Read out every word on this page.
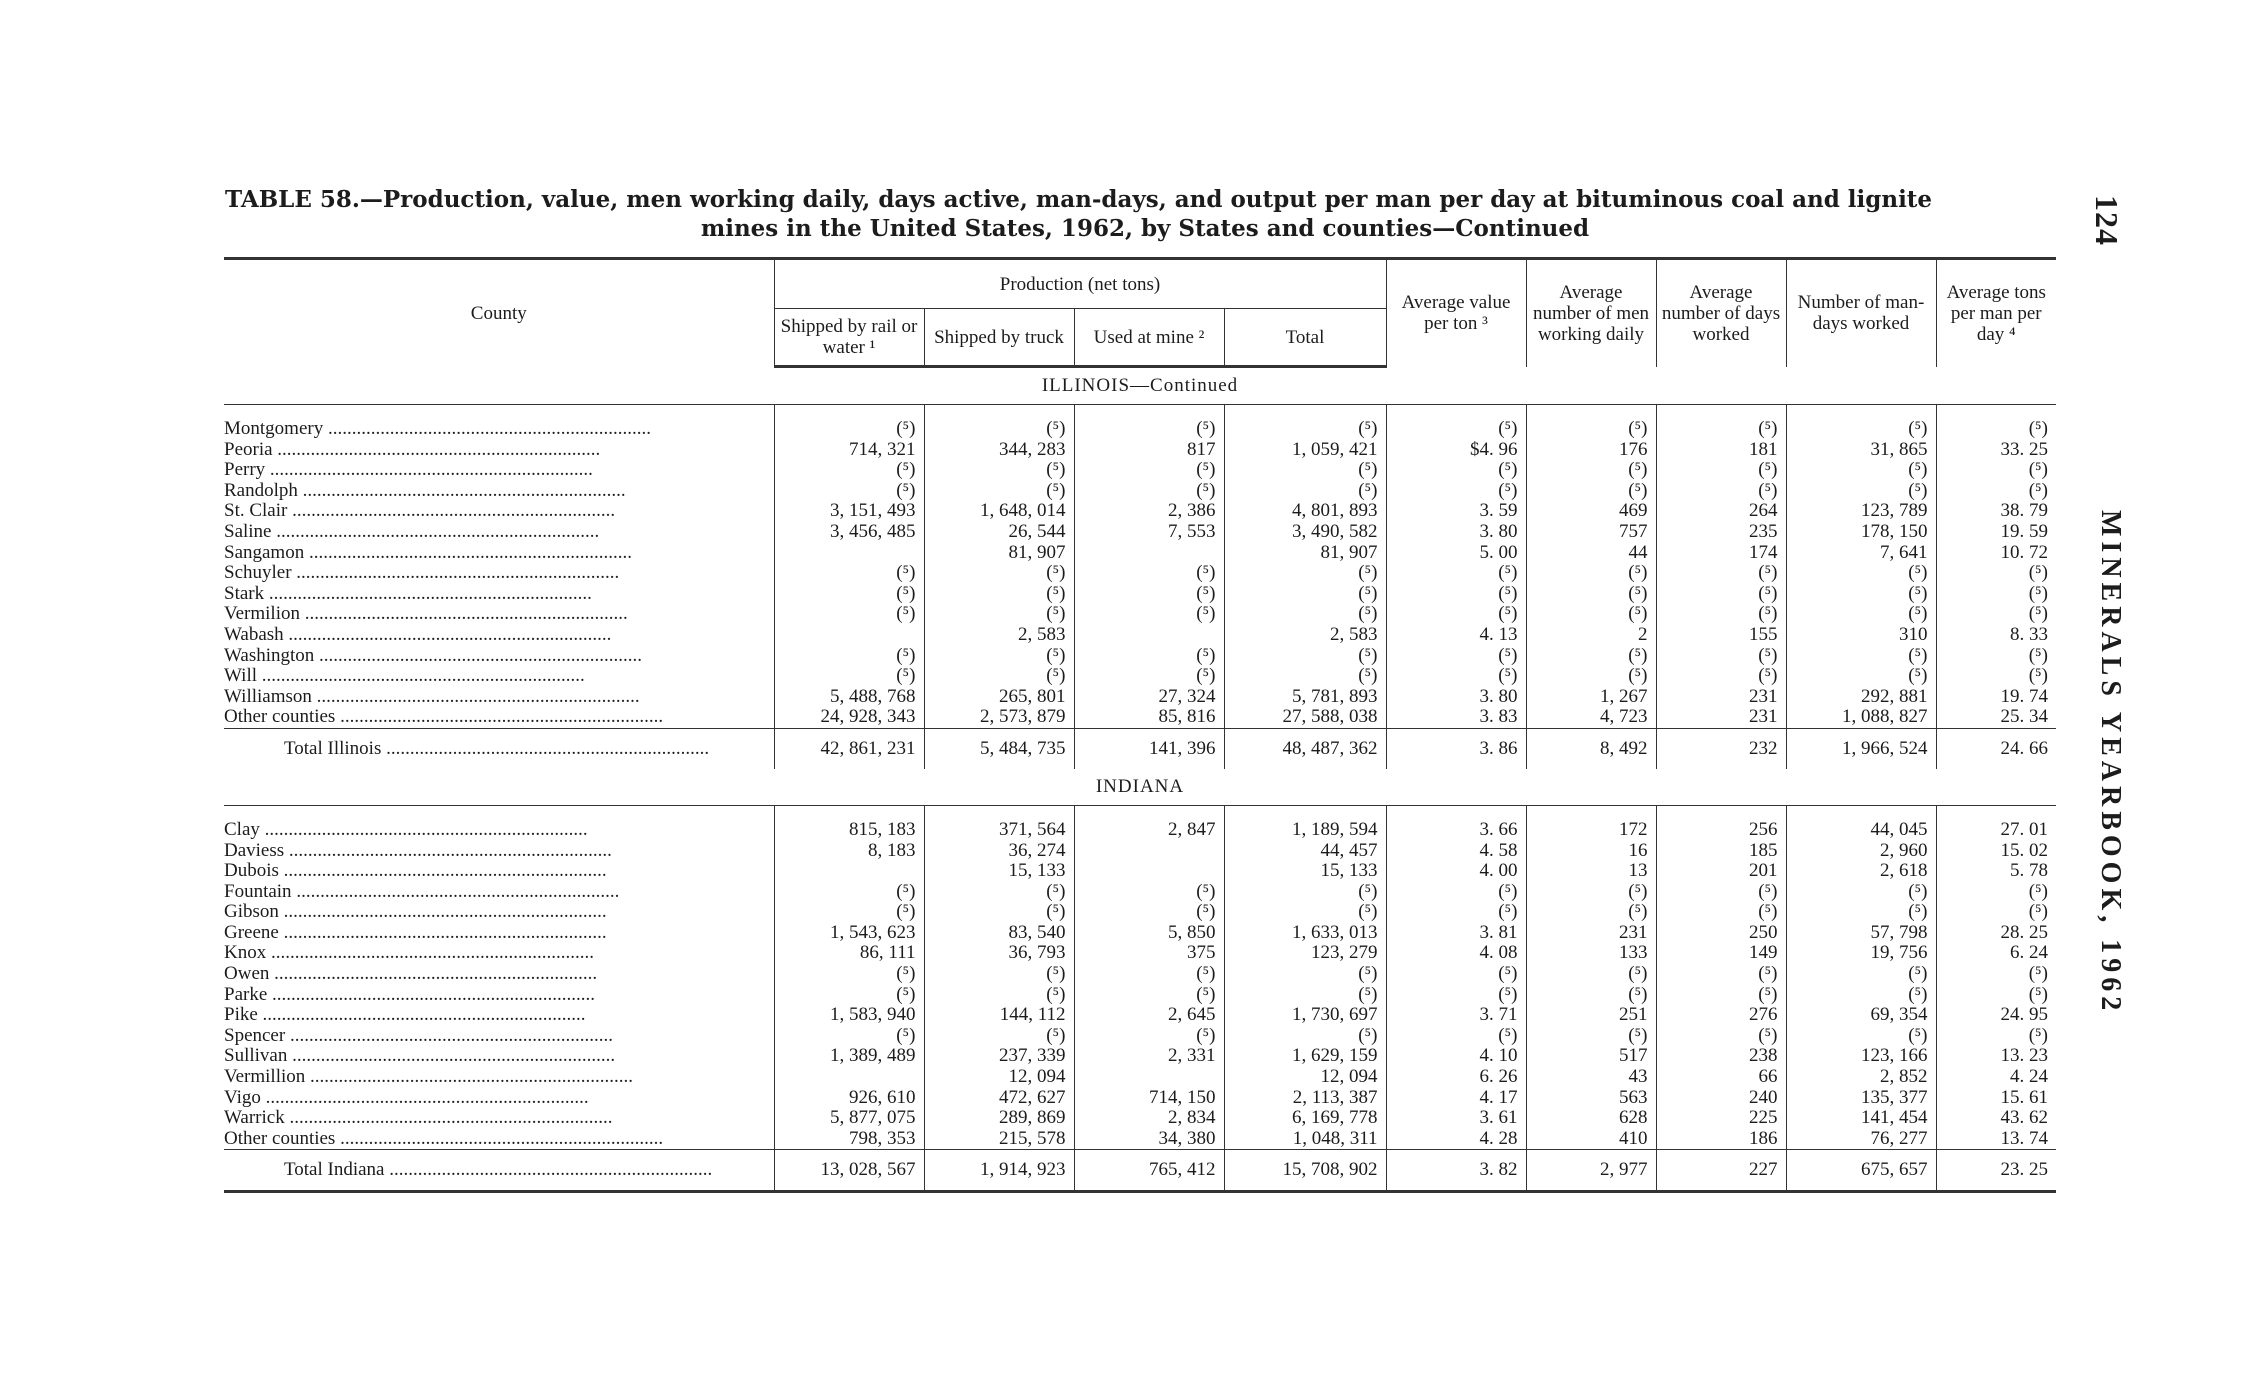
TABLE 58.—Production, value, men working daily, days active, man-days, and output per man per day at bituminous coal and lignite
mines in the United States, 1962, by States and counties—Continued	124
MINERALS YEARBOOK, 1962
County	Production (net tons)				Average value per ton ³	Average number of men working daily	Average number of days worked	Number of man-days worked	Average tons per man per day ⁴
	Shipped by rail or water ¹	Shipped by truck	Used at mine ²	Total					
ILLINOIS—Continued									

Montgomery .....	(⁵)	(⁵)	(⁵)	(⁵)	(⁵)	(⁵)	(⁵)	(⁵)	(⁵)

Peoria .....	714, 321	344, 283	817	1, 059, 421	$4. 96	176	181	31, 865	33. 25

Perry .....	(⁵)	(⁵)	(⁵)	(⁵)	(⁵)	(⁵)	(⁵)	(⁵)	(⁵)

Randolph .....	(⁵)	(⁵)	(⁵)	(⁵)	(⁵)	(⁵)	(⁵)	(⁵)	(⁵)

St. Clair .....	3, 151, 493	1, 648, 014	2, 386	4, 801, 893	3. 59	469	264	123, 789	38. 79

Saline .....	3, 456, 485	26, 544	7, 553	3, 490, 582	3. 80	757	235	178, 150	19. 59

Sangamon .....		81, 907		81, 907	5. 00	44	174	7, 641	10. 72

Schuyler .....	(⁵)	(⁵)	(⁵)	(⁵)	(⁵)	(⁵)	(⁵)	(⁵)	(⁵)

Stark .....	(⁵)	(⁵)	(⁵)	(⁵)	(⁵)	(⁵)	(⁵)	(⁵)	(⁵)

Vermilion .....	(⁵)	(⁵)	(⁵)	(⁵)	(⁵)	(⁵)	(⁵)	(⁵)	(⁵)

Wabash .....		2, 583		2, 583	4. 13	2	155	310	8. 33

Washington .....	(⁵)	(⁵)	(⁵)	(⁵)	(⁵)	(⁵)	(⁵)	(⁵)	(⁵)

Will .....	(⁵)	(⁵)	(⁵)	(⁵)	(⁵)	(⁵)	(⁵)	(⁵)	(⁵)

Williamson .....	5, 488, 768	265, 801	27, 324	5, 781, 893	3. 80	1, 267	231	292, 881	19. 74

Other counties .....	24, 928, 343	2, 573, 879	85, 816	27, 588, 038	3. 83	4, 723	231	1, 088, 827	25. 34

Total Illinois .....	42, 861, 231	5, 484, 735	141, 396	48, 487, 362	3. 86	8, 492	232	1, 966, 524	24. 66
INDIANA									

Clay .....	815, 183	371, 564	2, 847	1, 189, 594	3. 66	172	256	44, 045	27. 01

Daviess .....	8, 183	36, 274		44, 457	4. 58	16	185	2, 960	15. 02

Dubois .....		15, 133		15, 133	4. 00	13	201	2, 618	5. 78

Fountain .....	(⁵)	(⁵)	(⁵)	(⁵)	(⁵)	(⁵)	(⁵)	(⁵)	(⁵)

Gibson .....	(⁵)	(⁵)	(⁵)	(⁵)	(⁵)	(⁵)	(⁵)	(⁵)	(⁵)

Greene .....	1, 543, 623	83, 540	5, 850	1, 633, 013	3. 81	231	250	57, 798	28. 25

Knox .....	86, 111	36, 793	375	123, 279	4. 08	133	149	19, 756	6. 24

Owen .....	(⁵)	(⁵)	(⁵)	(⁵)	(⁵)	(⁵)	(⁵)	(⁵)	(⁵)

Parke .....	(⁵)	(⁵)	(⁵)	(⁵)	(⁵)	(⁵)	(⁵)	(⁵)	(⁵)

Pike .....	1, 583, 940	144, 112	2, 645	1, 730, 697	3. 71	251	276	69, 354	24. 95

Spencer .....	(⁵)	(⁵)	(⁵)	(⁵)	(⁵)	(⁵)	(⁵)	(⁵)	(⁵)

Sullivan .....	1, 389, 489	237, 339	2, 331	1, 629, 159	4. 10	517	238	123, 166	13. 23

Vermillion .....		12, 094		12, 094	6. 26	43	66	2, 852	4. 24

Vigo .....	926, 610	472, 627	714, 150	2, 113, 387	4. 17	563	240	135, 377	15. 61

Warrick .....	5, 877, 075	289, 869	2, 834	6, 169, 778	3. 61	628	225	141, 454	43. 62

Other counties .....	798, 353	215, 578	34, 380	1, 048, 311	4. 28	410	186	76, 277	13. 74

Total Indiana .....	13, 028, 567	1, 914, 923	765, 412	15, 708, 902	3. 82	2, 977	227	675, 657	23. 25
